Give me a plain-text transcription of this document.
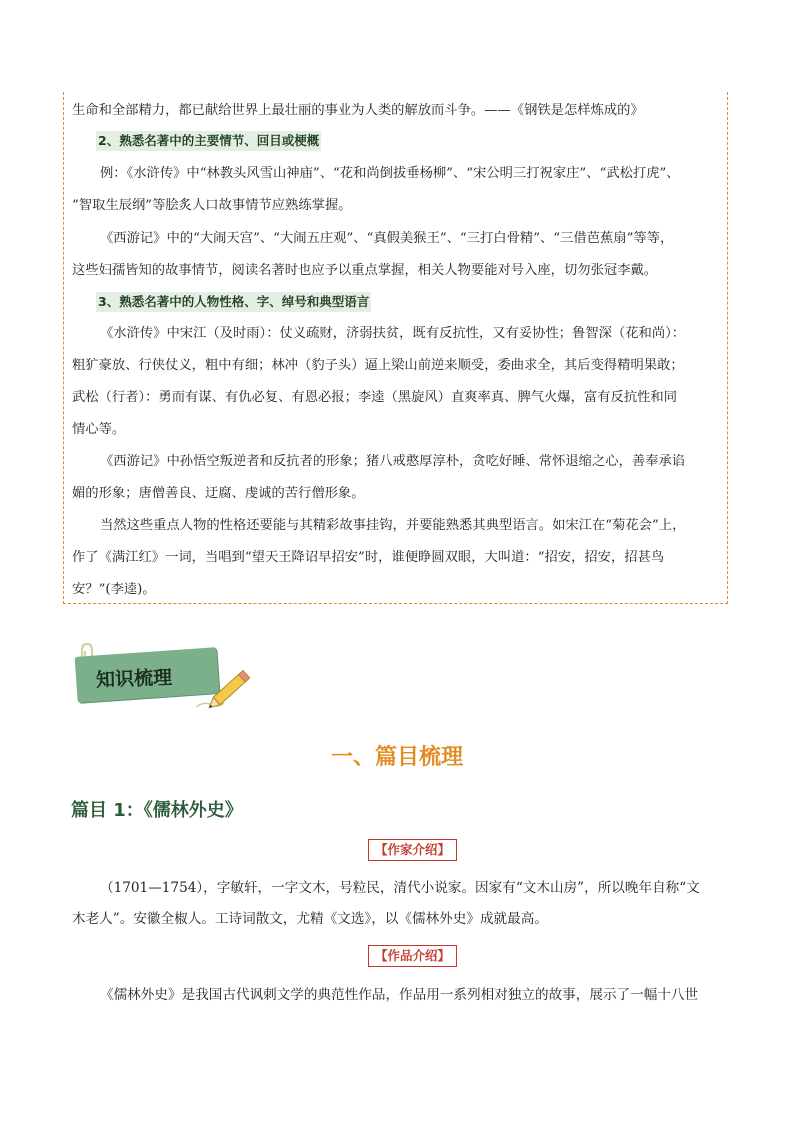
生命和全部精力，都已献给世界上最壮丽的事业为人类的解放而斗争。——《钢铁是怎样炼成的》
2、熟悉名著中的主要情节、回目或梗概
例：《水浒传》中“林教头风雪山神庙”、“花和尚倒拔垂杨柳”、“宋公明三打祝家庄”、“武松打虎”、
“智取生辰纲”等脍炙人口故事情节应熟练掌握。
《西游记》中的“大闹天宫”、“大闹五庄观”、“真假美猴王”、“三打白骨精”、“三借芭蕉扇”等等，
这些妇孺皆知的故事情节，阅读名著时也应予以重点掌握，相关人物要能对号入座，切勿张冠李戴。
3、熟悉名著中的人物性格、字、绰号和典型语言
《水浒传》中宋江（及时雨）：仗义疏财，济弱扶贫，既有反抗性，又有妥协性；鲁智深（花和尚）：
粗犷豪放、行侠仗义，粗中有细；林冲（豹子头）逼上梁山前逆来顺受，委曲求全，其后变得精明果敢；
武松（行者）：勇而有谋、有仇必复、有恩必报；李逵（黑旋风）直爽率真、脾气火爆，富有反抗性和同
情心等。
《西游记》中孙悟空叛逆者和反抗者的形象；猪八戒憨厚淳朴，贪吃好睡、常怀退缩之心，善奉承谄
媚的形象；唐僧善良、迂腐、虔诚的苦行僧形象。
当然这些重点人物的性格还要能与其精彩故事挂钩，并要能熟悉其典型语言。如宋江在“菊花会”上，
作了《满江红》一词，当唱到“望天王降诏早招安”时，谁便睁圆双眼，大叫道：“招安，招安，招甚鸟
安？”(李逵)。
知识梳理
一、篇目梳理
篇目 1：《儒林外史》
【作家介绍】
（1701—1754），字敏轩，一字文木，号粒民，清代小说家。因家有“文木山房”，所以晚年自称“文
木老人”。安徽全椒人。工诗词散文，尤精《文选》，以《儒林外史》成就最高。
【作品介绍】
《儒林外史》是我国古代讽刺文学的典范性作品，作品用一系列相对独立的故事，展示了一幅十八世
